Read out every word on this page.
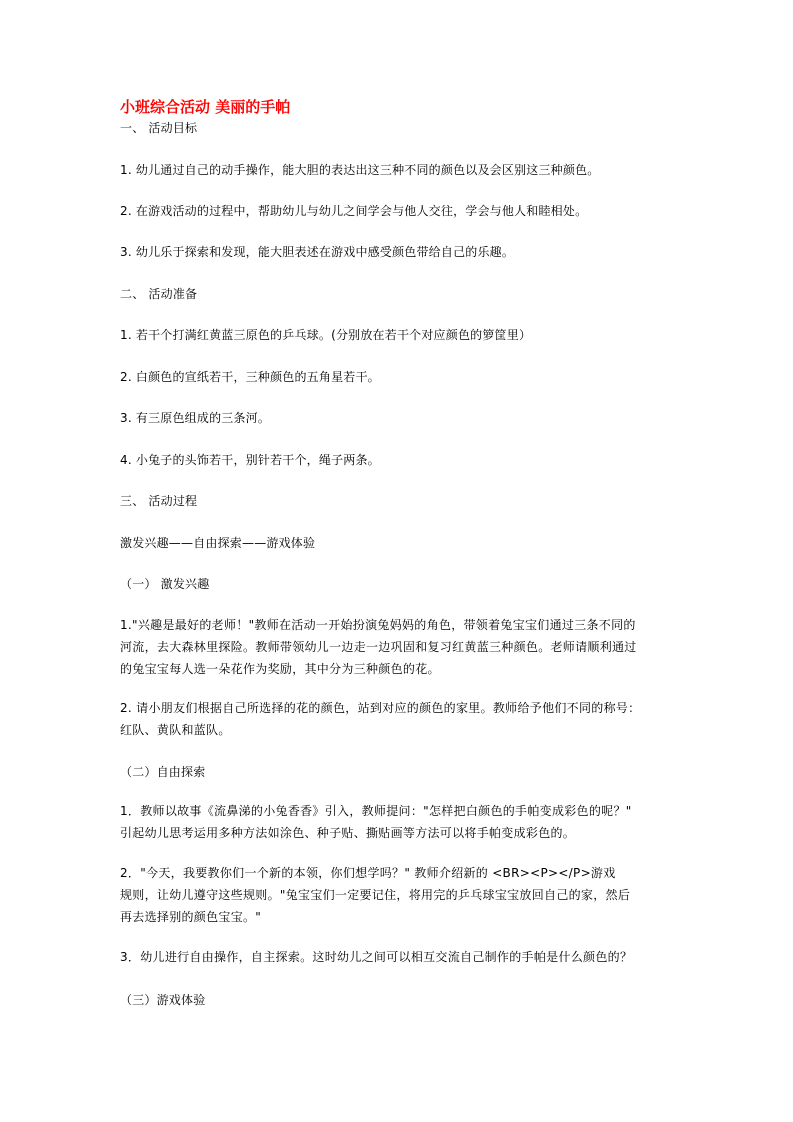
小班综合活动 美丽的手帕
一、 活动目标
1. 幼儿通过自己的动手操作，能大胆的表达出这三种不同的颜色以及会区别这三种颜色。
2. 在游戏活动的过程中，帮助幼儿与幼儿之间学会与他人交往，学会与他人和睦相处。
3. 幼儿乐于探索和发现，能大胆表述在游戏中感受颜色带给自己的乐趣。
二、 活动准备
1. 若干个打满红黄蓝三原色的乒乓球。(分别放在若干个对应颜色的箩筐里）
2. 白颜色的宣纸若干，三种颜色的五角星若干。
3. 有三原色组成的三条河。
4. 小兔子的头饰若干，别针若干个，绳子两条。
三、 活动过程
激发兴趣——自由探索——游戏体验
（一） 激发兴趣
1."兴趣是最好的老师！"教师在活动一开始扮演兔妈妈的角色，带领着兔宝宝们通过三条不同的
河流，去大森林里探险。教师带领幼儿一边走一边巩固和复习红黄蓝三种颜色。老师请顺利通过
的兔宝宝每人选一朵花作为奖励，其中分为三种颜色的花。
2. 请小朋友们根据自己所选择的花的颜色，站到对应的颜色的家里。教师给予他们不同的称号：
红队、黄队和蓝队。
（二）自由探索
1．教师以故事《流鼻涕的小兔香香》引入，教师提问："怎样把白颜色的手帕变成彩色的呢？"
引起幼儿思考运用多种方法如涂色、种子贴、撕贴画等方法可以将手帕变成彩色的。
2．"今天，我要教你们一个新的本领，你们想学吗？" 教师介绍新的 <BR><P></P>游戏
规则，让幼儿遵守这些规则。"兔宝宝们一定要记住，将用完的乒乓球宝宝放回自己的家，然后
再去选择别的颜色宝宝。"
3．幼儿进行自由操作，自主探索。这时幼儿之间可以相互交流自己制作的手帕是什么颜色的？
（三）游戏体验
